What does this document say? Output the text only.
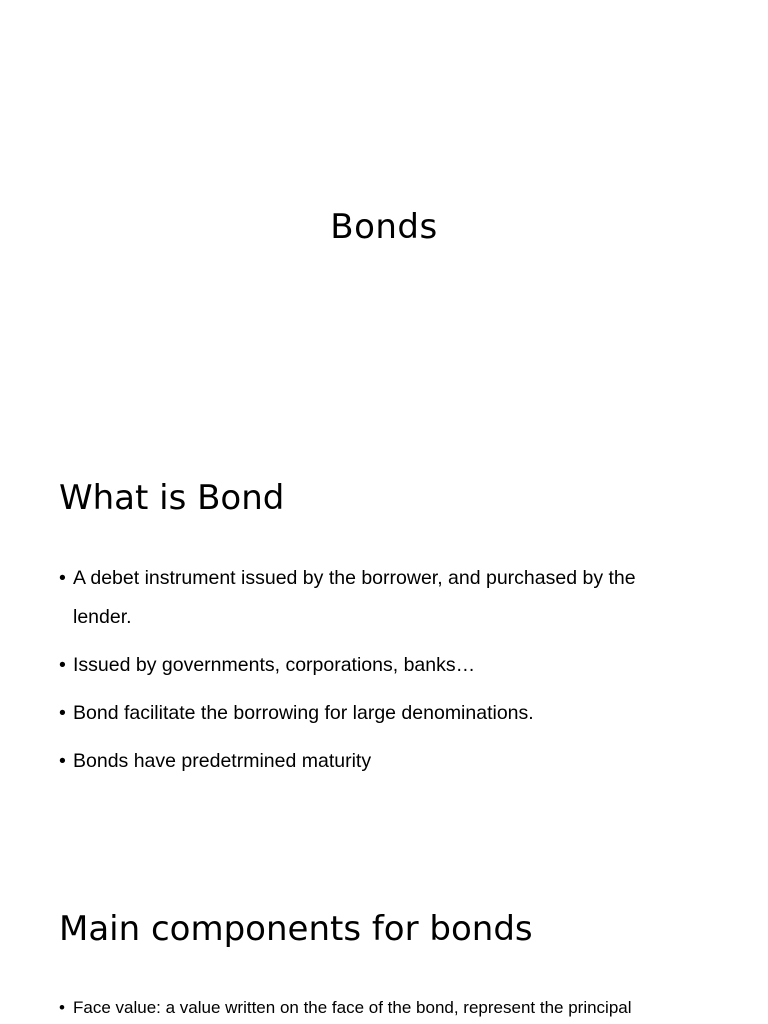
Bonds
What is Bond
• A debet instrument issued by the borrower, and purchased by the lender.
• Issued by governments, corporations, banks…
• Bond facilitate the borrowing for large denominations.
• Bonds have predetrmined maturity
Main components for bonds
• Face value: a value written on the face of the bond, represent the principal
